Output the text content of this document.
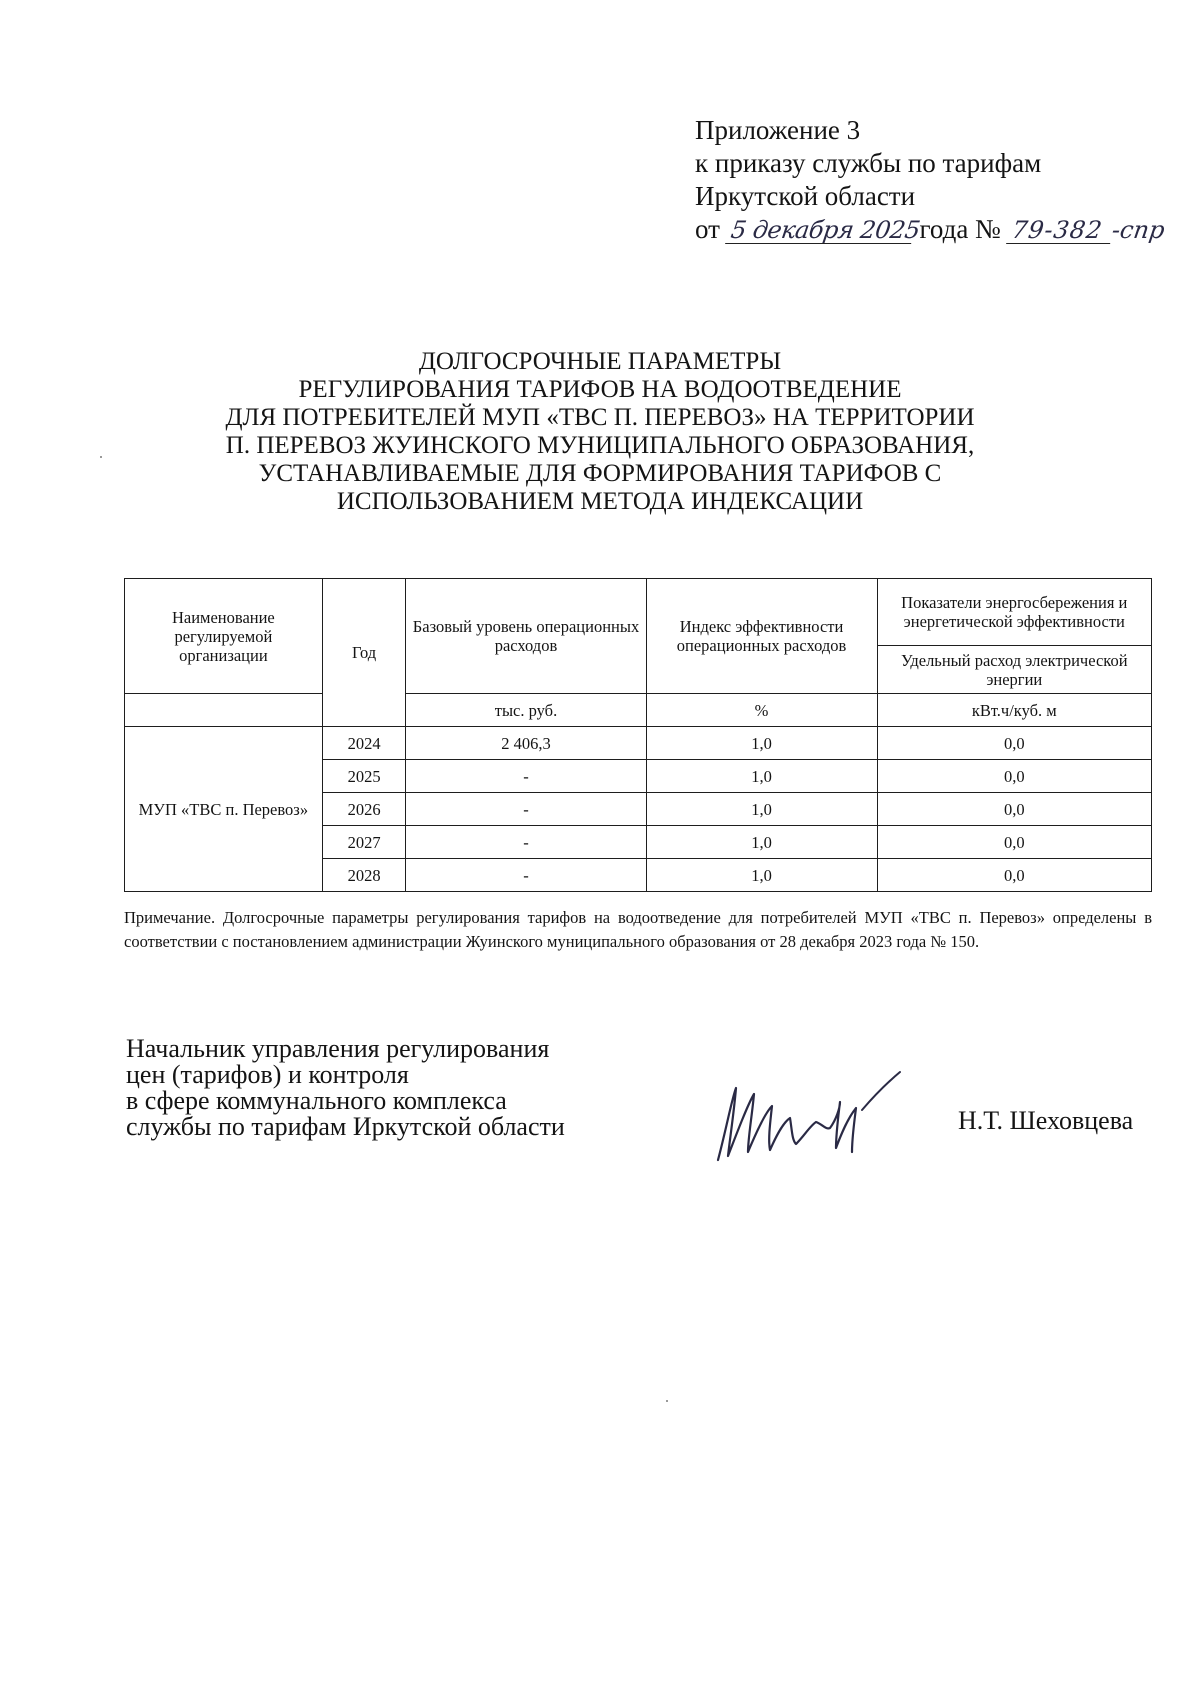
Приложение 3
к приказу службы по тарифам
Иркутской области
от 5 декабря 2025 года № 79-382 -спр
ДОЛГОСРОЧНЫЕ ПАРАМЕТРЫ
РЕГУЛИРОВАНИЯ ТАРИФОВ НА ВОДООТВЕДЕНИЕ
ДЛЯ ПОТРЕБИТЕЛЕЙ МУП «ТВС П. ПЕРЕВОЗ» НА ТЕРРИТОРИИ
П. ПЕРЕВОЗ ЖУИНСКОГО МУНИЦИПАЛЬНОГО ОБРАЗОВАНИЯ,
УСТАНАВЛИВАЕМЫЕ ДЛЯ ФОРМИРОВАНИЯ ТАРИФОВ С
ИСПОЛЬЗОВАНИЕМ МЕТОДА ИНДЕКСАЦИИ
Наименование регулируемой организации	Год	Базовый уровень операционных расходов	Индекс эффективности операционных расходов	Показатели энергосбережения и энергетической эффективности
				Удельный расход электрической энергии
		тыс. руб.	%	кВт.ч/куб. м
МУП «ТВС п. Перевоз»	2024	2 406,3	1,0	0,0
	2025	-	1,0	0,0
	2026	-	1,0	0,0
	2027	-	1,0	0,0
	2028	-	1,0	0,0
Примечание. Долгосрочные параметры регулирования тарифов на водоотведение для потребителей МУП «ТВС п. Перевоз» определены в соответствии с постановлением администрации Жуинского муниципального образования от 28 декабря 2023 года № 150.
Начальник управления регулирования
цен (тарифов) и контроля
в сфере коммунального комплекса
службы по тарифам Иркутской области	Н.Т. Шеховцева
